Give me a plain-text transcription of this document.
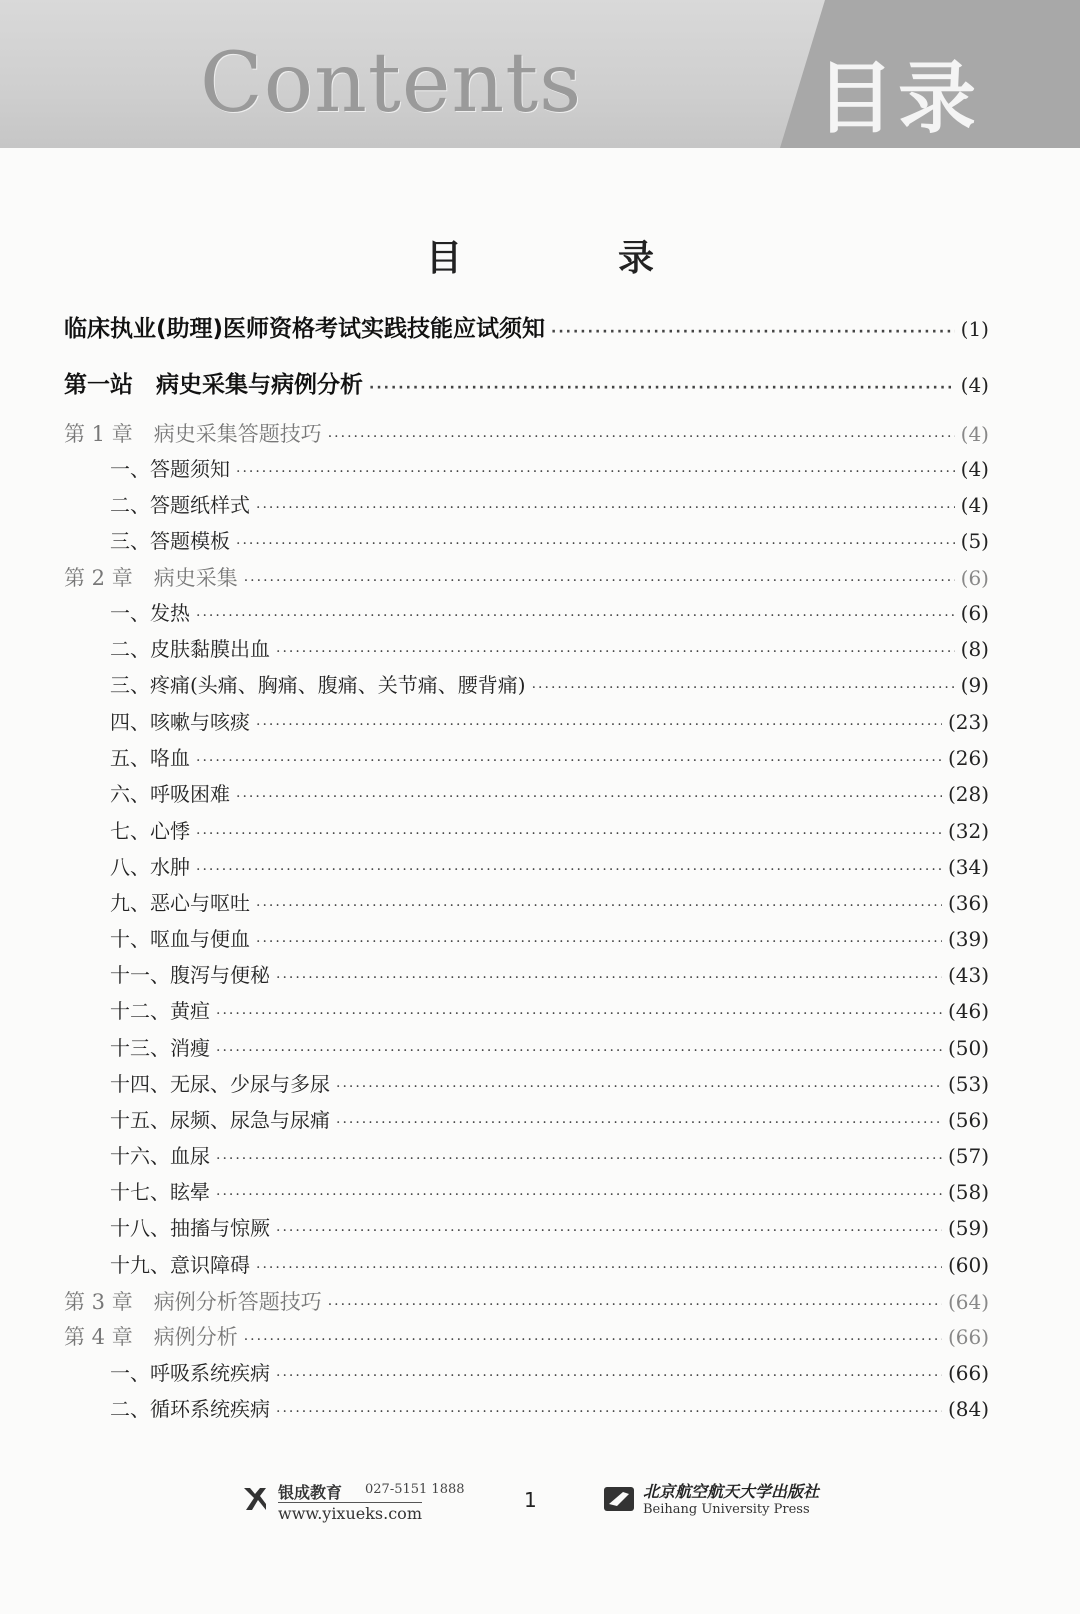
Contents	目录
目　录
临床执业(助理)医师资格考试实践技能应试须知 ·····	(1)
第一站　病史采集与病例分析 ·····	(4)
第 1 章　病史采集答题技巧 ·····	(4)
一、答题须知 ·····	(4)
二、答题纸样式 ·····	(4)
三、答题模板 ·····	(5)
第 2 章　病史采集 ·····	(6)
一、发热 ·····	(6)
二、皮肤黏膜出血 ·····	(8)
三、疼痛(头痛、胸痛、腹痛、关节痛、腰背痛) ·····	(9)
四、咳嗽与咳痰 ·····	(23)
五、咯血 ·····	(26)
六、呼吸困难 ·····	(28)
七、心悸 ·····	(32)
八、水肿 ·····	(34)
九、恶心与呕吐 ·····	(36)
十、呕血与便血 ·····	(39)
十一、腹泻与便秘 ·····	(43)
十二、黄疸 ·····	(46)
十三、消瘦 ·····	(50)
十四、无尿、少尿与多尿 ·····	(53)
十五、尿频、尿急与尿痛 ·····	(56)
十六、血尿 ·····	(57)
十七、眩晕 ·····	(58)
十八、抽搐与惊厥 ·····	(59)
十九、意识障碍 ·····	(60)
第 3 章　病例分析答题技巧 ·····	(64)
第 4 章　病例分析 ·····	(66)
一、呼吸系统疾病 ·····	(66)
二、循环系统疾病 ·····	(84)
银成教育 027-5151 1888
www.yixueks.com
1	北京航空航天大学出版社
Beihang University Press
